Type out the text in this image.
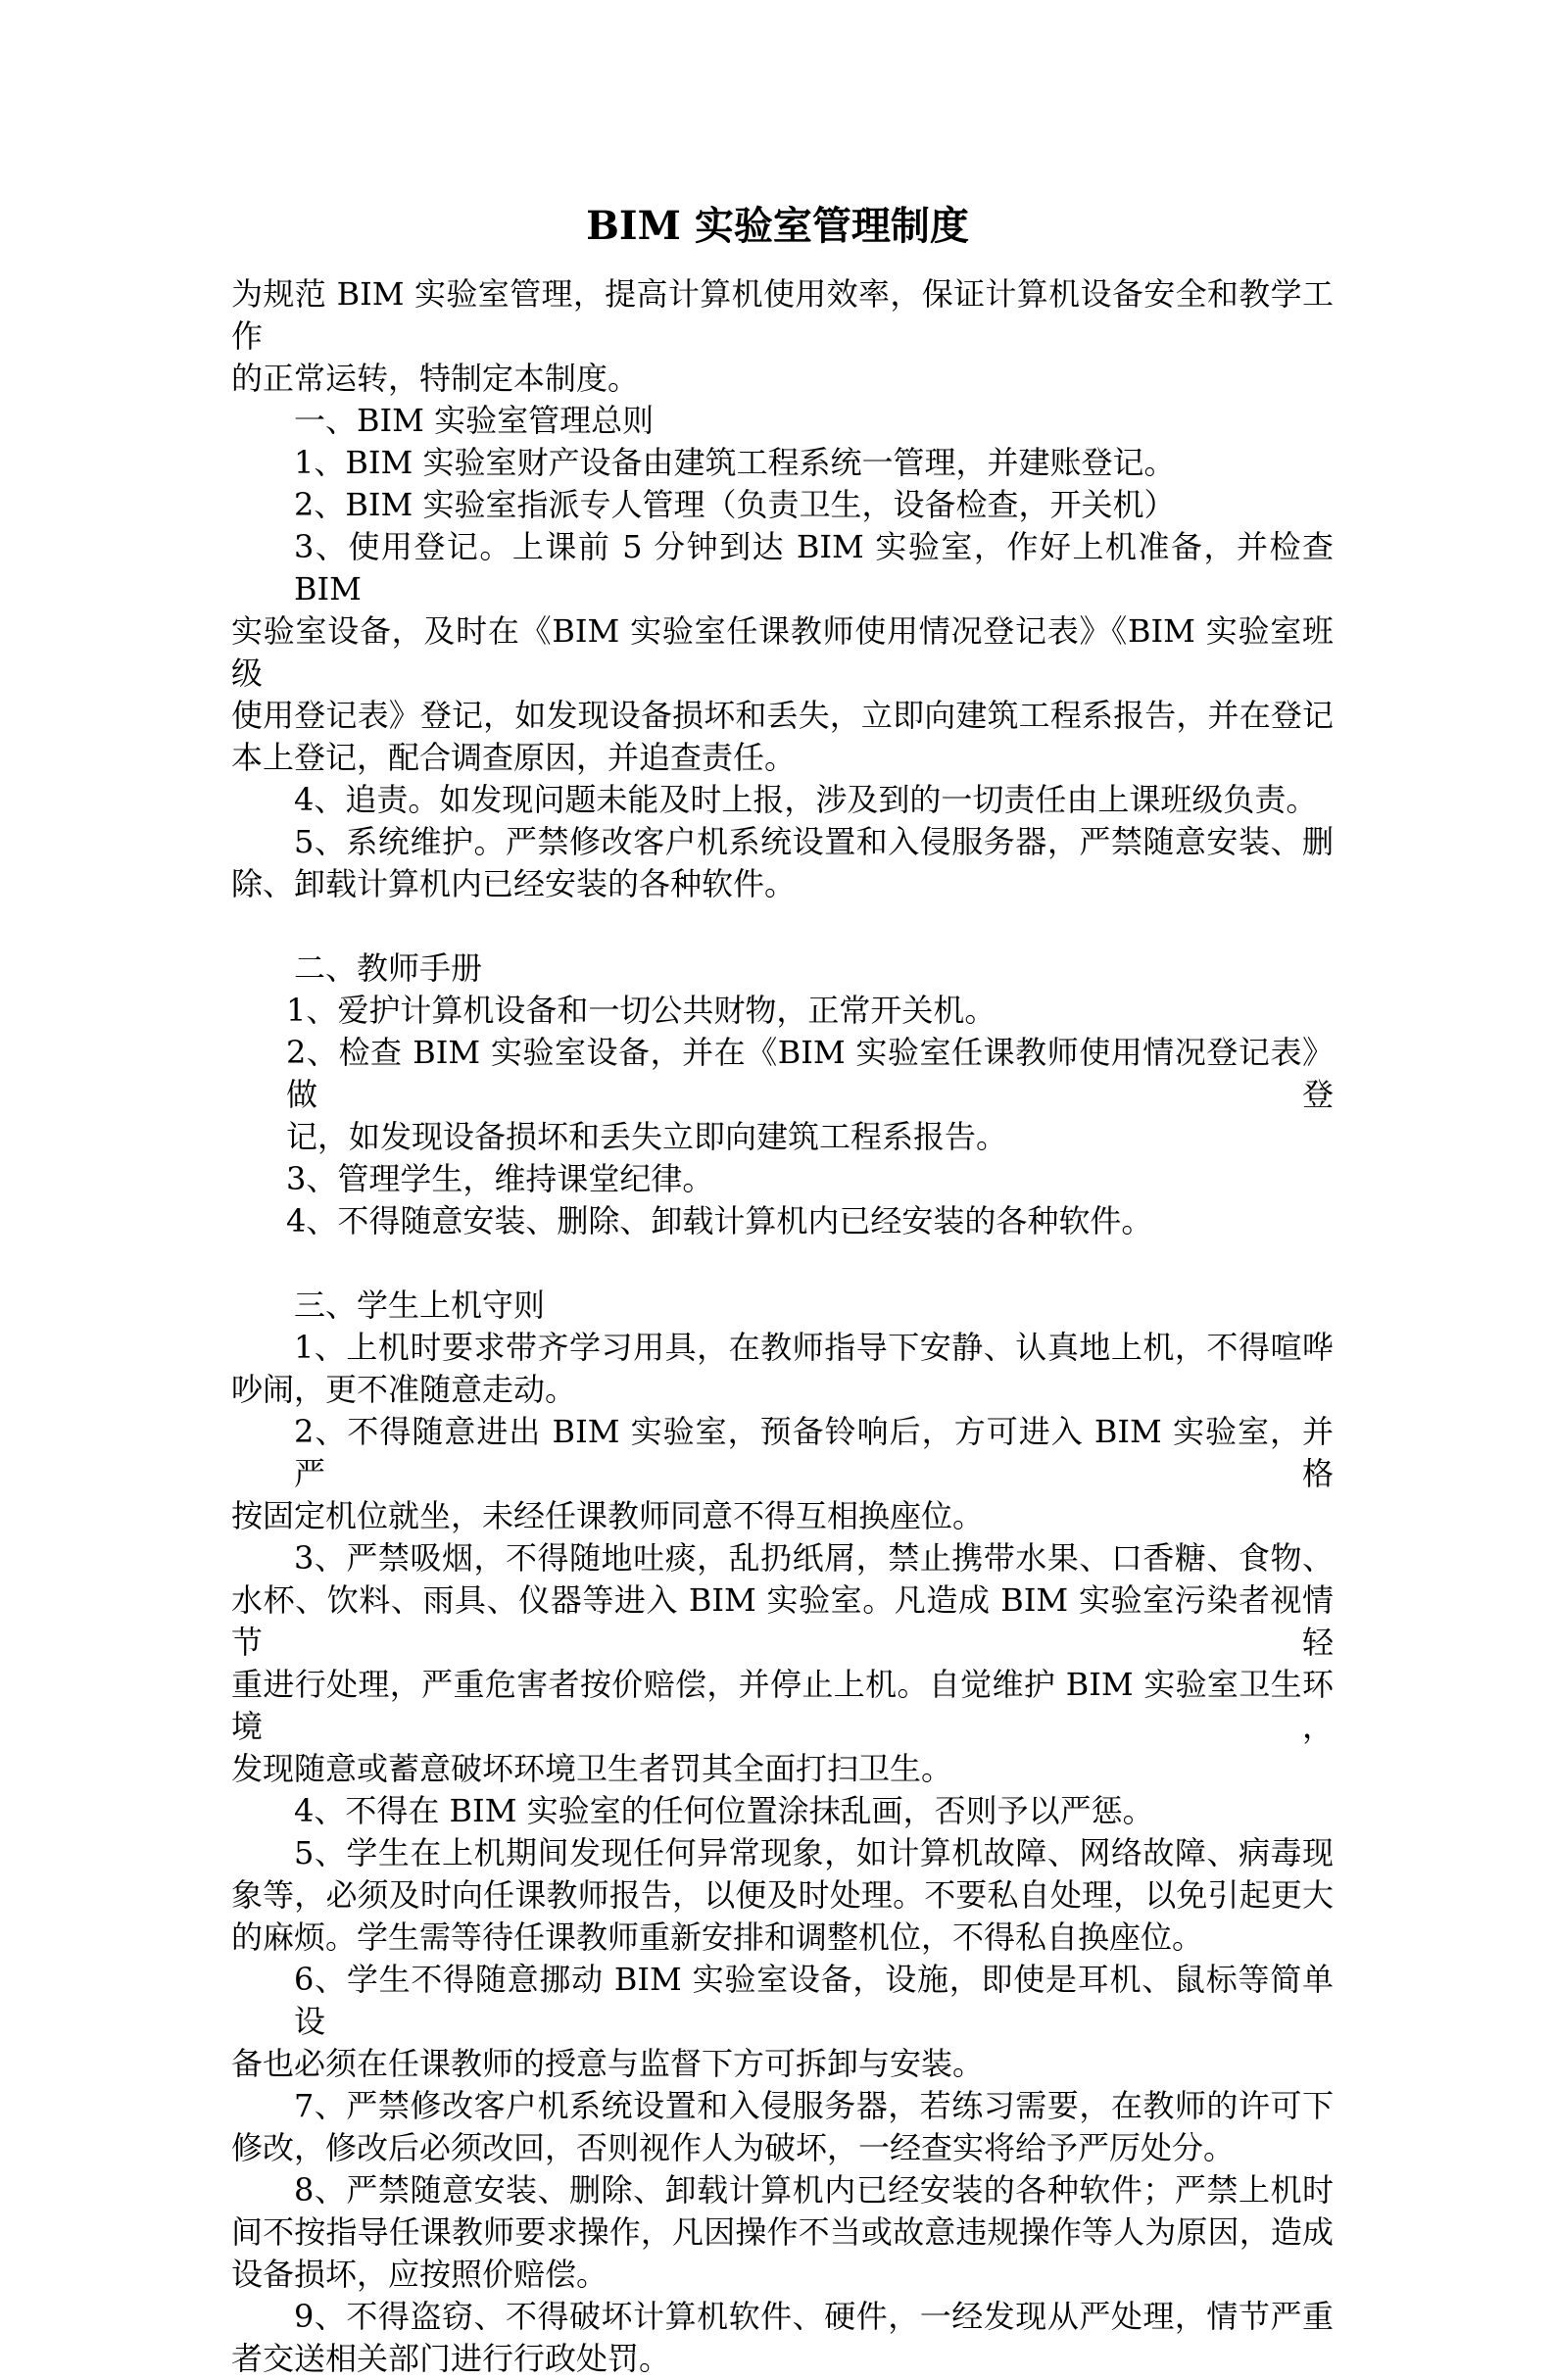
BIM 实验室管理制度
为规范 BIM 实验室管理，提高计算机使用效率，保证计算机设备安全和教学工作
的正常运转，特制定本制度。
一、BIM 实验室管理总则
1、BIM 实验室财产设备由建筑工程系统一管理，并建账登记。
2、BIM 实验室指派专人管理（负责卫生，设备检查，开关机）
3、使用登记。上课前 5 分钟到达 BIM 实验室，作好上机准备，并检查 BIM
实验室设备，及时在《BIM 实验室任课教师使用情况登记表》《BIM 实验室班级
使用登记表》登记，如发现设备损坏和丢失，立即向建筑工程系报告，并在登记
本上登记，配合调查原因，并追查责任。
4、追责。如发现问题未能及时上报，涉及到的一切责任由上课班级负责。
5、系统维护。严禁修改客户机系统设置和入侵服务器，严禁随意安装、删
除、卸载计算机内已经安装的各种软件。
二、教师手册
1、爱护计算机设备和一切公共财物，正常开关机。
2、检查 BIM 实验室设备，并在《BIM 实验室任课教师使用情况登记表》做登
记，如发现设备损坏和丢失立即向建筑工程系报告。
3、管理学生，维持课堂纪律。
4、不得随意安装、删除、卸载计算机内已经安装的各种软件。
三、学生上机守则
1、上机时要求带齐学习用具，在教师指导下安静、认真地上机，不得喧哗
吵闹，更不准随意走动。
2、不得随意进出 BIM 实验室，预备铃响后，方可进入 BIM 实验室，并严格
按固定机位就坐，未经任课教师同意不得互相换座位。
3、严禁吸烟，不得随地吐痰，乱扔纸屑，禁止携带水果、口香糖、食物、
水杯、饮料、雨具、仪器等进入 BIM 实验室。凡造成 BIM 实验室污染者视情节轻
重进行处理，严重危害者按价赔偿，并停止上机。自觉维护 BIM 实验室卫生环境，
发现随意或蓄意破坏环境卫生者罚其全面打扫卫生。
4、不得在 BIM 实验室的任何位置涂抹乱画，否则予以严惩。
5、学生在上机期间发现任何异常现象，如计算机故障、网络故障、病毒现
象等，必须及时向任课教师报告，以便及时处理。不要私自处理，以免引起更大
的麻烦。学生需等待任课教师重新安排和调整机位，不得私自换座位。
6、学生不得随意挪动 BIM 实验室设备，设施，即使是耳机、鼠标等简单设
备也必须在任课教师的授意与监督下方可拆卸与安装。
7、严禁修改客户机系统设置和入侵服务器，若练习需要，在教师的许可下
修改，修改后必须改回，否则视作人为破坏，一经查实将给予严厉处分。
8、严禁随意安装、删除、卸载计算机内已经安装的各种软件；严禁上机时
间不按指导任课教师要求操作，凡因操作不当或故意违规操作等人为原因，造成
设备损坏，应按照价赔偿。
9、不得盗窃、不得破坏计算机软件、硬件，一经发现从严处理，情节严重
者交送相关部门进行行政处罚。
